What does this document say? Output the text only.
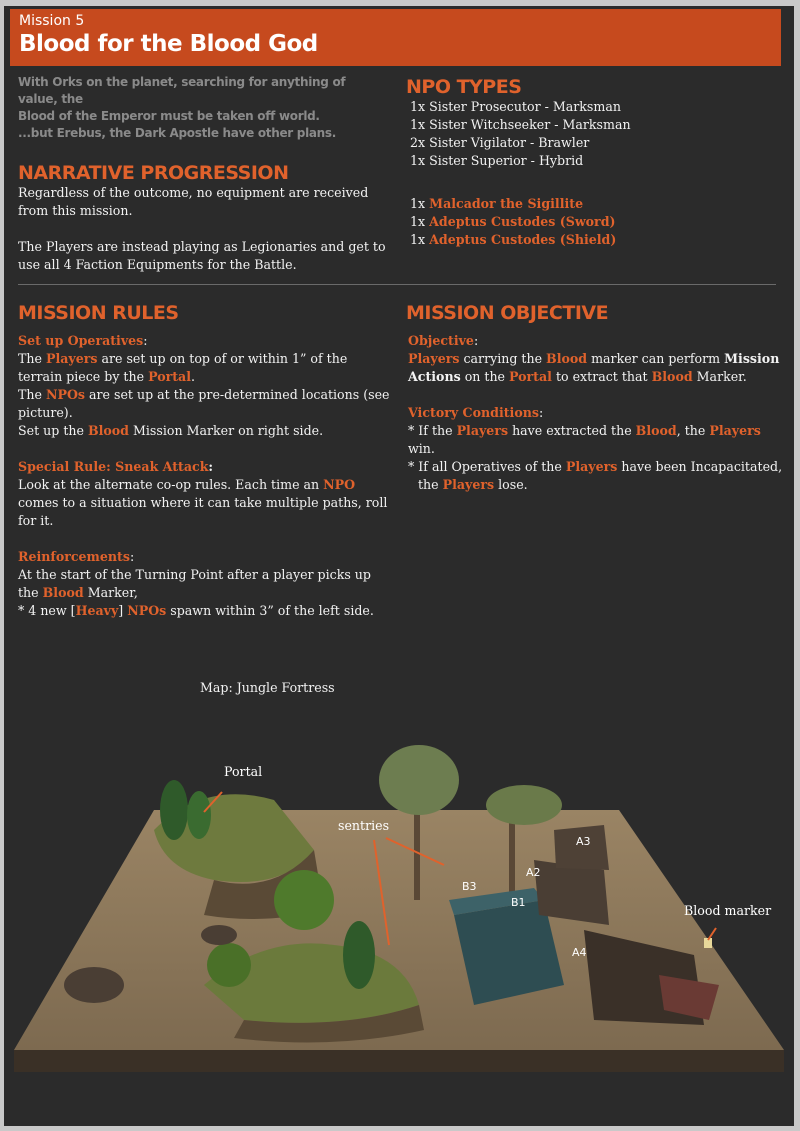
Mission 5
Blood for the Blood God
With Orks on the planet, searching for anything of value, the
Blood of the Emperor must be taken off world.
...but Erebus, the Dark Apostle have other plans.
NPO TYPES
1x Sister Prosecutor - Marksman
1x Sister Witchseeker - Marksman
2x Sister Vigilator - Brawler
1x Sister Superior - Hybrid
1x Malcador the Sigillite
1x Adeptus Custodes (Sword)
1x Adeptus Custodes (Shield)
NARRATIVE PROGRESSION

Regardless of the outcome, no equipment are received from this mission.

The Players are instead playing as Legionaries and get to use all 4 Faction Equipments for the Battle.

MISSION RULES

Set up Operatives:

The Players are set up on top of or within 1” of the terrain piece by the Portal.

The NPOs are set up at the pre-determined locations (see picture).

Set up the Blood Mission Marker on right side.

Special Rule: Sneak Attack:

Look at the alternate co-op rules. Each time an NPO comes to a situation where it can take multiple paths, roll for it.

Reinforcements:

At the start of the Turning Point after a player picks up the Blood Marker,

* 4 new [Heavy] NPOs spawn within 3” of the left side.

MISSION OBJECTIVE

Objective:

Players carrying the Blood marker can perform Mission Actions on the Portal to extract that Blood Marker.

Victory Conditions:

* If the Players have extracted the Blood, the Players win.

* If all Operatives of the Players have been Incapacitated,

the Players lose.

Map: Jungle Fortress
Portal
sentries
Blood marker
A3
A2
B3
B1
A4
